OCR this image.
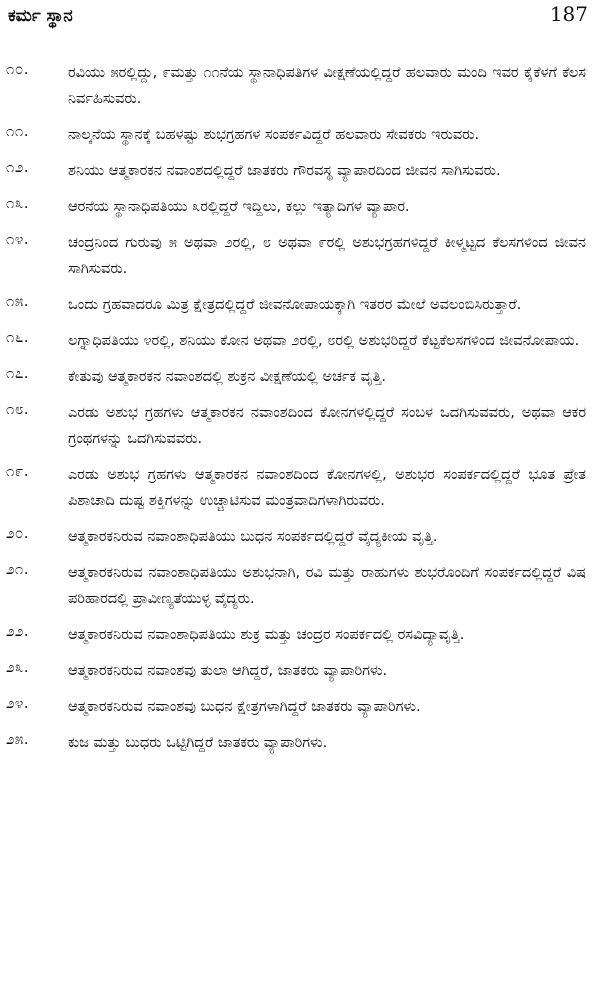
ಕರ್ಮ ಸ್ಥಾನ	187
೧೦.	ರವಿಯು ೫ರಲ್ಲಿದ್ದು, ೯ಮತ್ತು ೧೧ನೆಯ ಸ್ಥಾನಾಧಿಪತಿಗಳ ವೀಕ್ಷಣೆಯಲ್ಲಿದ್ದರೆ ಹಲವಾರು ಮಂದಿ ಇವರ ಕೈಕೆಳಗೆ ಕೆಲಸ ನಿರ್ವಹಿಸುವರು.
೧೧.	ನಾಲ್ಕನೆಯ ಸ್ಥಾನಕ್ಕೆ ಬಹಳಷ್ಟು ಶುಭಗ್ರಹಗಳ ಸಂಪರ್ಕವಿದ್ದರೆ ಹಲವಾರು ಸೇವಕರು ಇರುವರು.
೧೨.	ಶನಿಯು ಆತ್ಮಕಾರಕನ ನವಾಂಶದಲ್ಲಿದ್ದರೆ ಜಾತಕರು ಗೌರವಸ್ಥ ವ್ಯಾಪಾರದಿಂದ ಜೀವನ ಸಾಗಿಸುವರು.
೧೩.	ಆರನೆಯ ಸ್ಥಾನಾಧಿಪತಿಯು ೩ರಲ್ಲಿದ್ದರೆ ಇದ್ದಿಲು, ಕಲ್ಲು ಇತ್ಯಾದಿಗಳ ವ್ಯಾಪಾರ.
೧೪.	ಚಂದ್ರನಿಂದ ಗುರುವು ೫ ಅಥವಾ ೨ರಲ್ಲಿ, ೮ ಅಥವಾ ೯ರಲ್ಲಿ ಅಶುಭಗ್ರಹಗಳಿದ್ದರೆ ಕೀಳ್ಮಟ್ಟದ ಕೆಲಸಗಳಿಂದ ಜೀವನ ಸಾಗಿಸುವರು.
೧೫.	ಒಂದು ಗ್ರಹವಾದರೂ ಮಿತ್ರ ಕ್ಷೇತ್ರದಲ್ಲಿದ್ದರೆ ಜೀವನೋಪಾಯಕ್ಕಾಗಿ ಇತರರ ಮೇಲೆ ಅವಲಂಬಿಸಿರುತ್ತಾರೆ.
೧೬.	ಲಗ್ನಾಧಿಪತಿಯು ೪ರಲ್ಲಿ, ಶನಿಯು ಕೋನ ಅಥವಾ ೨ರಲ್ಲಿ, ೮ರಲ್ಲಿ ಅಶುಭರಿದ್ದರೆ ಕೆಟ್ಟಕೆಲಸಗಳಿಂದ ಜೀವನೋಪಾಯ.
೧೭.	ಕೇತುವು ಆತ್ಮಕಾರಕನ ನವಾಂಶದಲ್ಲಿ ಶುಕ್ರನ ವೀಕ್ಷಣೆಯಲ್ಲಿ ಅರ್ಚಕ ವೃತ್ತಿ.
೧೮.	ಎರಡು ಅಶುಭ ಗ್ರಹಗಳು ಆತ್ಮಕಾರಕನ ನವಾಂಶದಿಂದ ಕೋನಗಳಲ್ಲಿದ್ದರೆ ಸಂಬಳ ಒದಗಿಸುವವರು, ಅಥವಾ ಆಕರ ಗ್ರಂಥಗಳನ್ನು ಒದಗಿಸುವವರು.
೧೯.	ಎರಡು ಅಶುಭ ಗ್ರಹಗಳು ಆತ್ಮಕಾರಕನ ನವಾಂಶದಿಂದ ಕೋನಗಳಲ್ಲಿ, ಅಶುಭರ ಸಂಪರ್ಕದಲ್ಲಿದ್ದರೆ ಭೂತ ಪ್ರೇತ ಪಿಶಾಚಾದಿ ದುಷ್ಟ ಶಕ್ತಿಗಳನ್ನು ಉಚ್ಚಾಟಿಸುವ ಮಂತ್ರವಾದಿಗಳಾಗಿರುವರು.
೨೦.	ಆತ್ಮಕಾರಕನಿರುವ ನವಾಂಶಾಧಿಪತಿಯು ಬುಧನ ಸಂಪರ್ಕದಲ್ಲಿದ್ದರೆ ವೈದ್ಯಕೀಯ ವೃತ್ತಿ.
೨೧.	ಆತ್ಮಕಾರಕನಿರುವ ನವಾಂಶಾಧಿಪತಿಯು ಅಶುಭನಾಗಿ, ರವಿ ಮತ್ತು ರಾಹುಗಳು ಶುಭರೊಂದಿಗೆ ಸಂಪರ್ಕದಲ್ಲಿದ್ದರೆ ವಿಷ ಪರಿಹಾರದಲ್ಲಿ ಪ್ರಾವೀಣ್ಯತೆಯುಳ್ಳ ವೈದ್ಯರು.
೨೨.	ಆತ್ಮಕಾರಕನಿರುವ ನವಾಂಶಾಧಿಪತಿಯು ಶುಕ್ರ ಮತ್ತು ಚಂದ್ರರ ಸಂಪರ್ಕದಲ್ಲಿ ರಸವಿದ್ಯಾವೃತ್ತಿ.
೨೩.	ಆತ್ಮಕಾರಕನಿರುವ ನವಾಂಶವು ತುಲಾ ಆಗಿದ್ದರೆ, ಜಾತಕರು ವ್ಯಾಪಾರಿಗಳು.
೨೪.	ಆತ್ಮಕಾರಕನಿರುವ ನವಾಂಶವು ಬುಧನ ಕ್ಷೇತ್ರಗಳಾಗಿದ್ದರೆ ಜಾತಕರು ವ್ಯಾಪಾರಿಗಳು.
೨೫.	ಕುಜ ಮತ್ತು ಬುಧರು ಒಟ್ಟಿಗಿದ್ದರೆ ಜಾತಕರು ವ್ಯಾಪಾರಿಗಳು.
